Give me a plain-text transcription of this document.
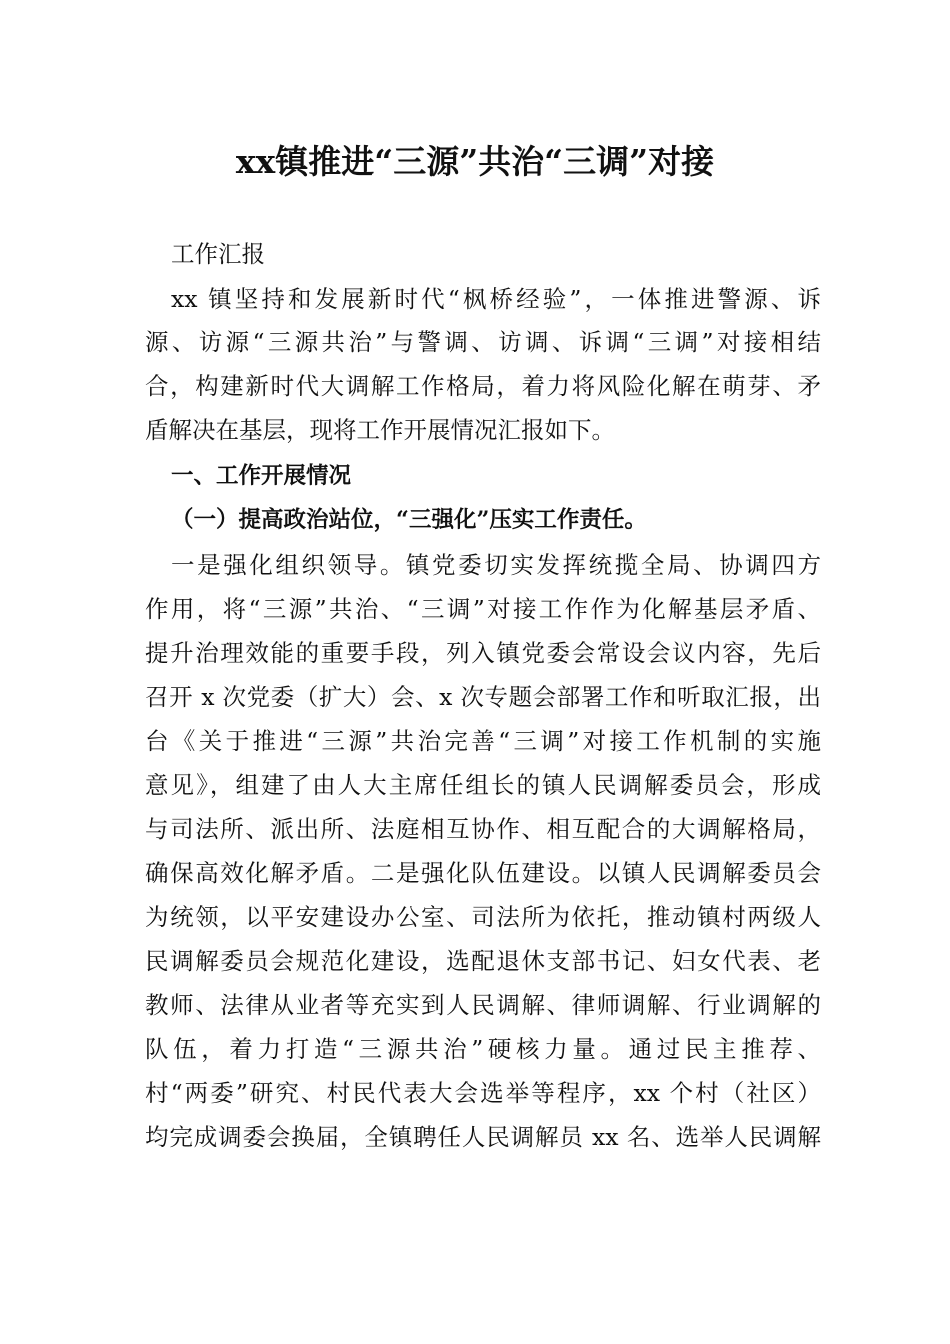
xx镇推进“三源”共治“三调”对接
工作汇报
xx 镇坚持和发展新时代“枫桥经验”，一体推进警源、诉
源、访源“三源共治”与警调、访调、诉调“三调”对接相结
合，构建新时代大调解工作格局，着力将风险化解在萌芽、矛
盾解决在基层，现将工作开展情况汇报如下。
一、工作开展情况
（一）提高政治站位，“三强化”压实工作责任。
一是强化组织领导。镇党委切实发挥统揽全局、协调四方
作用，将“三源”共治、“三调”对接工作作为化解基层矛盾、
提升治理效能的重要手段，列入镇党委会常设会议内容，先后
召开 x 次党委（扩大）会、x 次专题会部署工作和听取汇报，出
台《关于推进“三源”共治完善“三调”对接工作机制的实施
意见》，组建了由人大主席任组长的镇人民调解委员会，形成
与司法所、派出所、法庭相互协作、相互配合的大调解格局，
确保高效化解矛盾。二是强化队伍建设。以镇人民调解委员会
为统领，以平安建设办公室、司法所为依托，推动镇村两级人
民调解委员会规范化建设，选配退休支部书记、妇女代表、老
教师、法律从业者等充实到人民调解、律师调解、行业调解的
队伍，着力打造“三源共治”硬核力量。通过民主推荐、
村“两委”研究、村民代表大会选举等程序，xx 个村（社区）
均完成调委会换届，全镇聘任人民调解员 xx 名、选举人民调解
